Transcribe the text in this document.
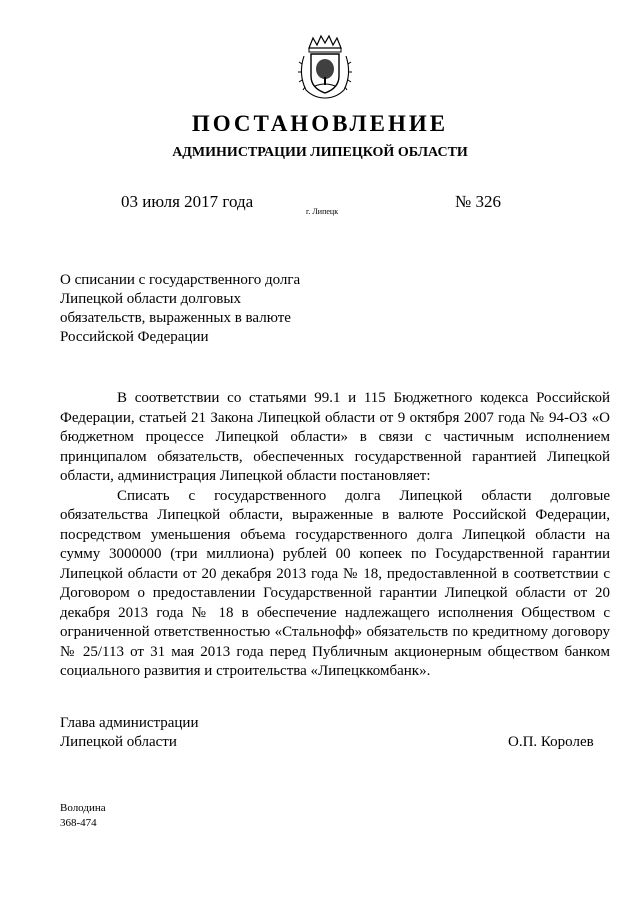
ПОСТАНОВЛЕНИЕ
АДМИНИСТРАЦИИ ЛИПЕЦКОЙ ОБЛАСТИ
03 июля 2017 года
г. Липецк
№ 326
О списании с государственного долга
Липецкой области долговых
обязательств, выраженных в валюте
Российской Федерации

В соответствии со статьями 99.1 и 115 Бюджетного кодекса Российской Федерации, статьей 21 Закона Липецкой области от 9 октября 2007 года № 94-ОЗ «О бюджетном процессе Липецкой области» в связи с частичным исполнением принципалом обязательств, обеспеченных государственной гарантией Липецкой области, администрация Липецкой области постановляет:

Списать с государственного долга Липецкой области долговые обязательства Липецкой области, выраженные в валюте Российской Федерации, посредством уменьшения объема государственного долга Липецкой области на сумму 3000000 (три миллиона) рублей 00 копеек по Государственной гарантии Липецкой области от 20 декабря 2013 года № 18, предоставленной в соответствии с Договором о предоставлении Государственной гарантии Липецкой области от 20 декабря 2013 года № 18 в обеспечение надлежащего исполнения Обществом с ограниченной ответственностью «Стальнофф» обязательств по кредитному договору № 25/113 от 31 мая 2013 года перед Публичным акционерным обществом банком социального развития и строительства «Липецккомбанк».

Глава администрации
Липецкой области	О.П. Королев
Володина
368-474
